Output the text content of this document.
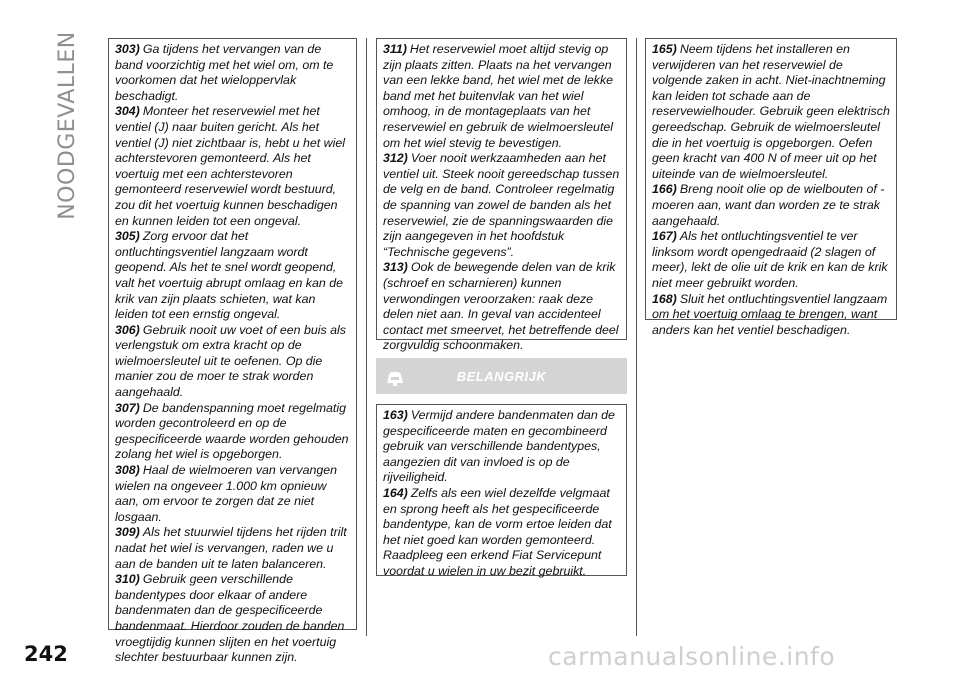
NOODGEVALLEN	303) Ga tijdens het vervangen van de band voorzichtig met het wiel om, om te voorkomen dat het wieloppervlak beschadigt.

304) Monteer het reservewiel met het ventiel (J) naar buiten gericht. Als het ventiel (J) niet zichtbaar is, hebt u het wiel achterstevoren gemonteerd. Als het voertuig met een achterstevoren gemonteerd reservewiel wordt bestuurd, zou dit het voertuig kunnen beschadigen en kunnen leiden tot een ongeval.

305) Zorg ervoor dat het ontluchtingsventiel langzaam wordt geopend. Als het te snel wordt geopend, valt het voertuig abrupt omlaag en kan de krik van zijn plaats schieten, wat kan leiden tot een ernstig ongeval.

306) Gebruik nooit uw voet of een buis als verlengstuk om extra kracht op de wielmoersleutel uit te oefenen. Op die manier zou de moer te strak worden aangehaald.

307) De bandenspanning moet regelmatig worden gecontroleerd en op de gespecificeerde waarde worden gehouden zolang het wiel is opgeborgen.

308) Haal de wielmoeren van vervangen wielen na ongeveer 1.000 km opnieuw aan, om ervoor te zorgen dat ze niet losgaan.

309) Als het stuurwiel tijdens het rijden trilt nadat het wiel is vervangen, raden we u aan de banden uit te laten balanceren.

310) Gebruik geen verschillende bandentypes door elkaar of andere bandenmaten dan de gespecificeerde bandenmaat. Hierdoor zouden de banden vroegtijdig kunnen slijten en het voertuig slechter bestuurbaar kunnen zijn.

311) Het reservewiel moet altijd stevig op zijn plaats zitten. Plaats na het vervangen van een lekke band, het wiel met de lekke band met het buitenvlak van het wiel omhoog, in de montageplaats van het reservewiel en gebruik de wielmoersleutel om het wiel stevig te bevestigen.

312) Voer nooit werkzaamheden aan het ventiel uit. Steek nooit gereedschap tussen de velg en de band. Controleer regelmatig de spanning van zowel de banden als het reservewiel, zie de spanningswaarden die zijn aangegeven in het hoofdstuk “Technische gegevens”.

313) Ook de bewegende delen van de krik (schroef en scharnieren) kunnen verwondingen veroorzaken: raak deze delen niet aan. In geval van accidenteel contact met smeervet, het betreffende deel zorgvuldig schoonmaken.

BELANGRIJK

163) Vermijd andere bandenmaten dan de gespecificeerde maten en gecombineerd gebruik van verschillende bandentypes, aangezien dit van invloed is op de rijveiligheid.

164) Zelfs als een wiel dezelfde velgmaat en sprong heeft als het gespecificeerde bandentype, kan de vorm ertoe leiden dat het niet goed kan worden gemonteerd. Raadpleeg een erkend Fiat Servicepunt voordat u wielen in uw bezit gebruikt.

165) Neem tijdens het installeren en verwijderen van het reservewiel de volgende zaken in acht. Niet-inachtneming kan leiden tot schade aan de reservewielhouder. Gebruik geen elektrisch gereedschap. Gebruik de wielmoersleutel die in het voertuig is opgeborgen. Oefen geen kracht van 400 N of meer uit op het uiteinde van de wielmoersleutel.

166) Breng nooit olie op de wielbouten of -moeren aan, want dan worden ze te strak aangehaald.

167) Als het ontluchtingsventiel te ver linksom wordt opengedraaid (2 slagen of meer), lekt de olie uit de krik en kan de krik niet meer gebruikt worden.

168) Sluit het ontluchtingsventiel langzaam om het voertuig omlaag te brengen, want anders kan het ventiel beschadigen.

242	carmanualsonline.info
